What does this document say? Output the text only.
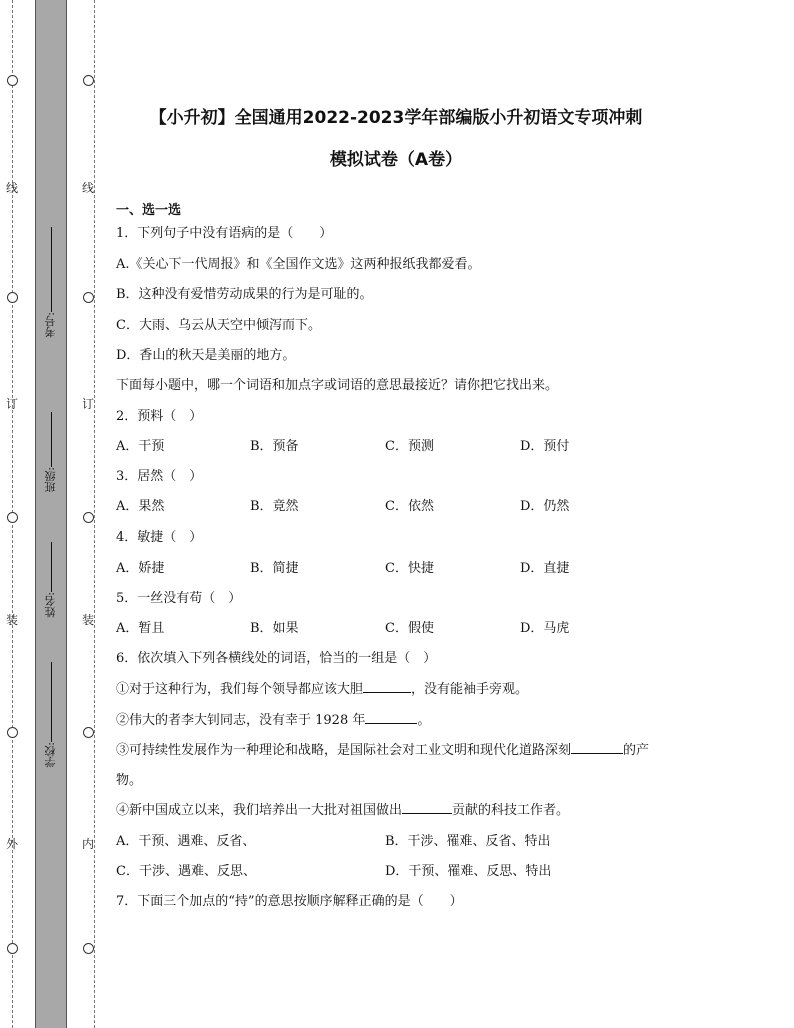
线
订
装
外
线
订
装
内
考号:
班级:
姓名:
学校:
【小升初】全国通用2022-2023学年部编版小升初语文专项冲刺
模拟试卷（A卷）
一、选一选
1．下列句子中没有语病的是（　　）
A.《关心下一代周报》和《全国作文选》这两种报纸我都爱看。
B．这种没有爱惜劳动成果的行为是可耻的。
C．大雨、乌云从天空中倾泻而下。
D．香山的秋天是美丽的地方。
下面每小题中，哪一个词语和加点字或词语的意思最接近？请你把它找出来。
2．预料（　）
A．干预	B．预备	C．预测	D．预付
3．居然（　）
A．果然	B．竟然	C．依然	D．仍然
4．敏捷（　）
A．娇捷	B．简捷	C．快捷	D．直捷
5．一丝没有苟（　）
A．暂且	B．如果	C．假使	D．马虎
6．依次填入下列各横线处的词语，恰当的一组是（　）
①对于这种行为，我们每个领导都应该大胆	，没有能袖手旁观。
②伟大的者李大钊同志，没有幸于 1928 年	。
③可持续性发展作为一种理论和战略，是国际社会对工业文明和现代化道路深刻	的产
物。
④新中国成立以来，我们培养出一大批对祖国做出	贡献的科技工作者。
A．干预、遇难、反省、	B．干涉、罹难、反省、特出
C．干涉、遇难、反思、	D．干预、罹难、反思、特出
7．下面三个加点的“持”的意思按顺序解释正确的是（　　）
